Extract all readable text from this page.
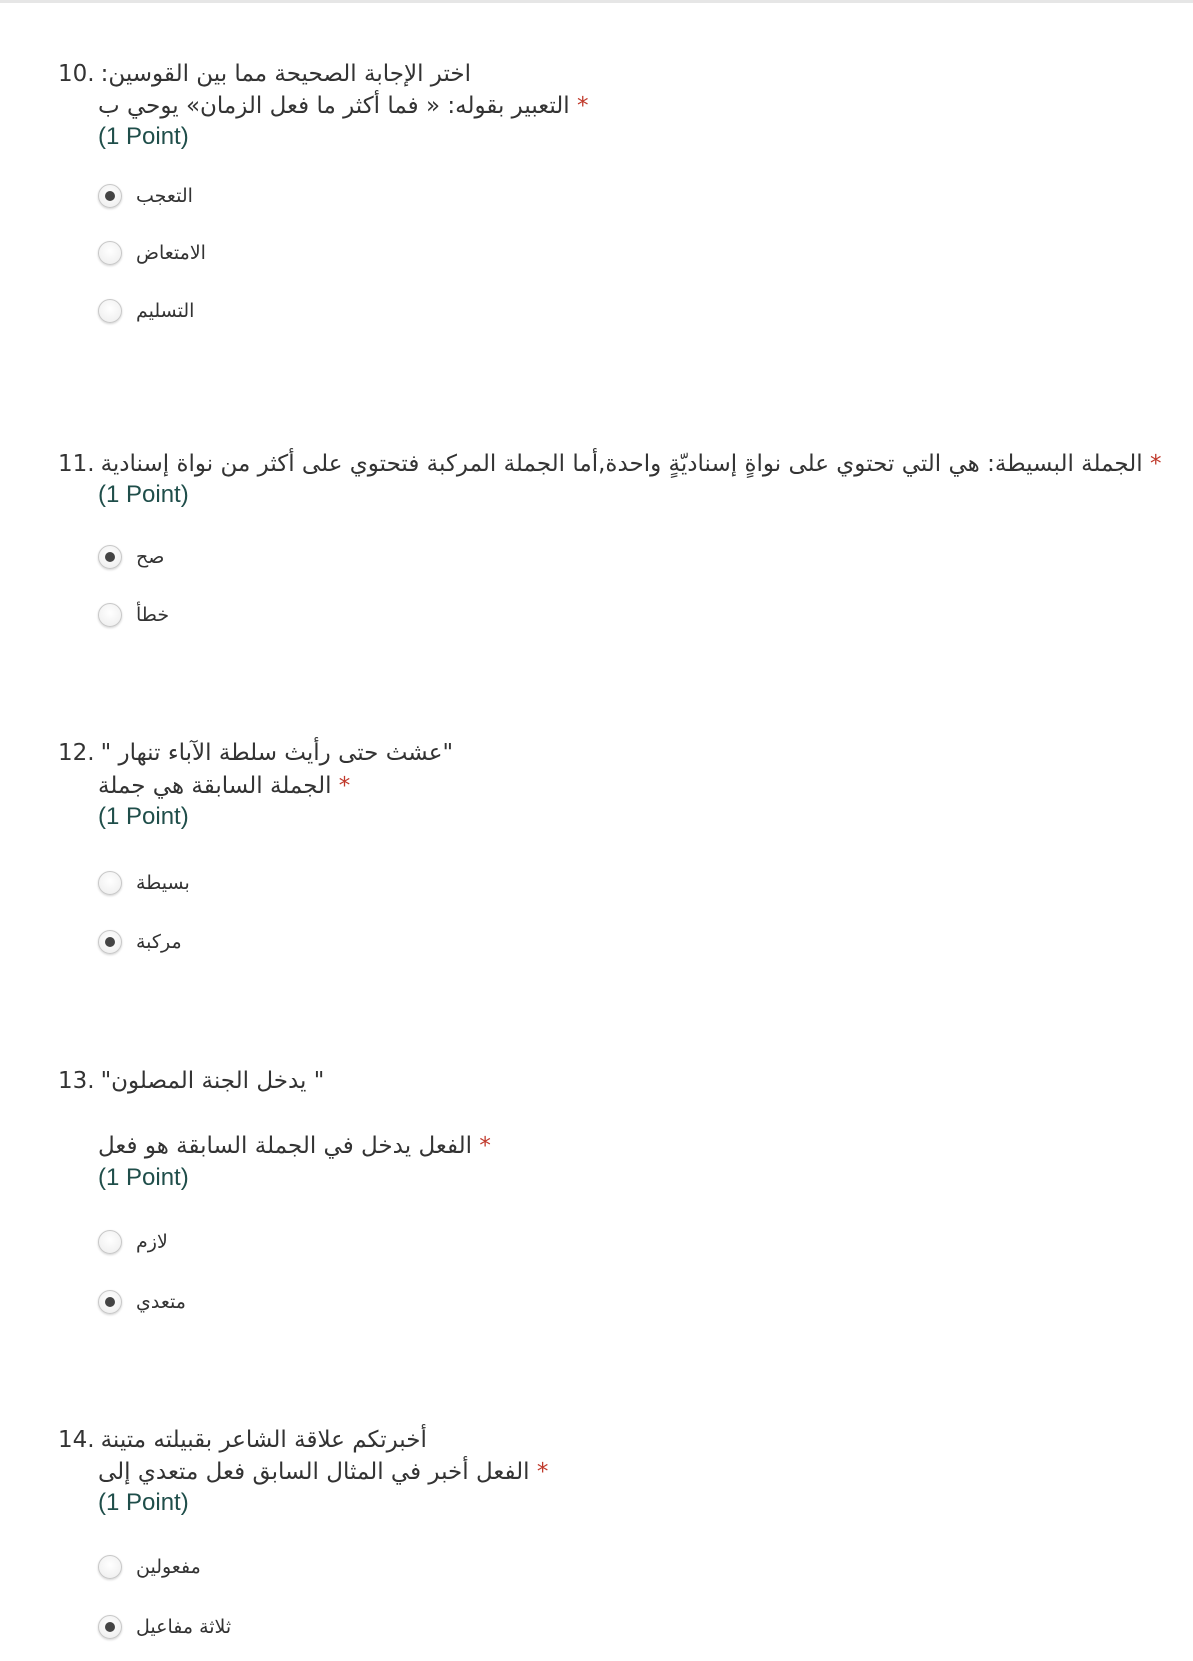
10. اختر الإجابة الصحيحة مما بين القوسين:
* التعبير بقوله: « فما أكثر ما فعل الزمان» يوحي ب
(1 Point)
التعجب
الامتعاض
التسليم
11.	* الجملة البسيطة: هي التي تحتوي على نواةٍ إسناديّةٍ واحدة,أما الجملة المركبة فتحتوي على أكثر من نواة إسنادية
(1 Point)
صح
خطأ
12. "عشث حتى رأيث سلطة الآباء تنهار "
* الجملة السابقة هي جملة
(1 Point)
بسيطة
مركبة
13. " يدخل الجنة المصلون"
* الفعل يدخل في الجملة السابقة هو فعل
(1 Point)
لازم
متعدي
14. أخبرتكم علاقة الشاعر بقبيلته متينة
* الفعل أخبر في المثال السابق فعل متعدي إلى
(1 Point)
مفعولين
ثلاثة مفاعيل
